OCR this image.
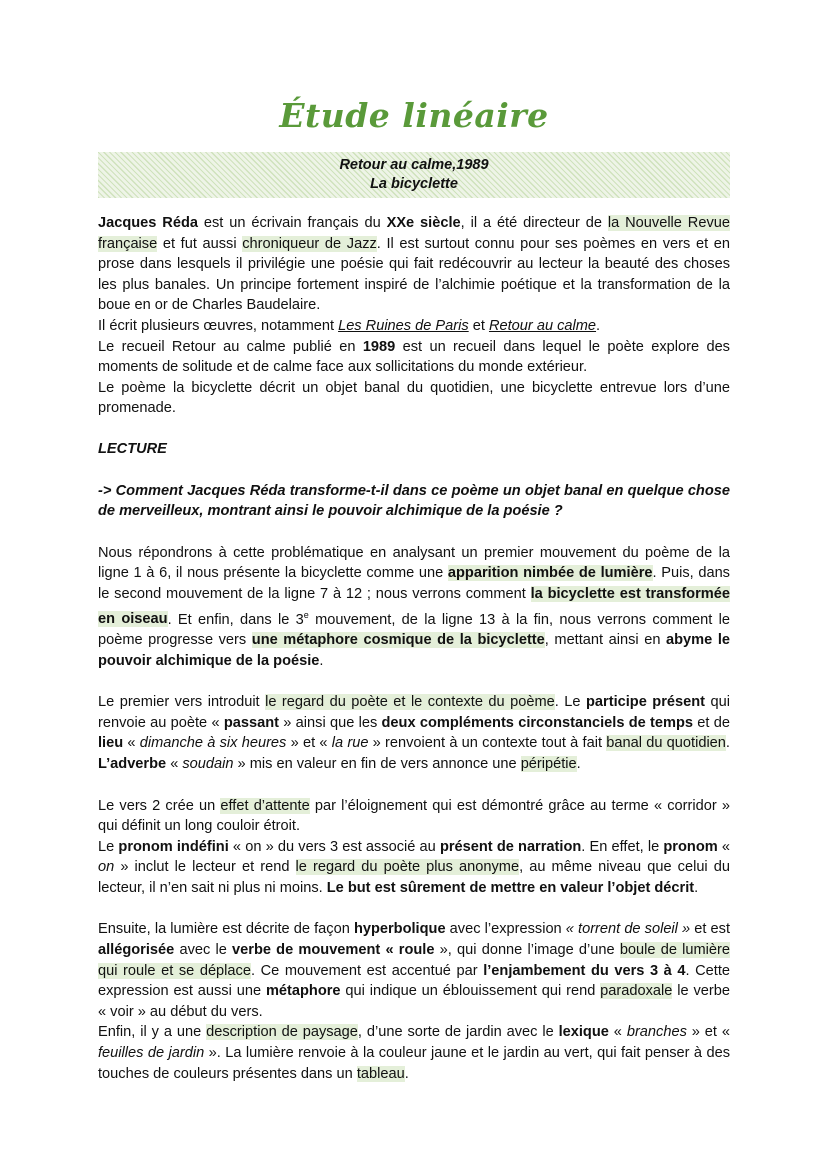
Étude linéaire
Retour au calme,1989
La bicyclette

Jacques Réda est un écrivain français du XXe siècle, il a été directeur de la Nouvelle Revue française et fut aussi chroniqueur de Jazz. Il est surtout connu pour ses poèmes en vers et en prose dans lesquels il privilégie une poésie qui fait redécouvrir au lecteur la beauté des choses les plus banales. Un principe fortement inspiré de l’alchimie poétique et la transformation de la boue en or de Charles Baudelaire.

Il écrit plusieurs œuvres, notamment Les Ruines de Paris et Retour au calme.

Le recueil Retour au calme publié en 1989 est un recueil dans lequel le poète explore des moments de solitude et de calme face aux sollicitations du monde extérieur.

Le poème la bicyclette décrit un objet banal du quotidien, une bicyclette entrevue lors d’une promenade.

LECTURE

-> Comment Jacques Réda transforme-t-il dans ce poème un objet banal en quelque chose de merveilleux, montrant ainsi le pouvoir alchimique de la poésie ?

Nous répondrons à cette problématique en analysant un premier mouvement du poème de la ligne 1 à 6, il nous présente la bicyclette comme une apparition nimbée de lumière. Puis, dans le second mouvement de la ligne 7 à 12 ; nous verrons comment la bicyclette est transformée en oiseau. Et enfin, dans le 3e mouvement, de la ligne 13 à la fin, nous verrons comment le poème progresse vers une métaphore cosmique de la bicyclette, mettant ainsi en abyme le pouvoir alchimique de la poésie.

Le premier vers introduit le regard du poète et le contexte du poème. Le participe présent qui renvoie au poète « passant » ainsi que les deux compléments circonstanciels de temps et de lieu « dimanche à six heures » et « la rue » renvoient à un contexte tout à fait banal du quotidien. L’adverbe « soudain » mis en valeur en fin de vers annonce une péripétie.

Le vers 2 crée un effet d’attente par l’éloignement qui est démontré grâce au terme « corridor » qui définit un long couloir étroit.

Le pronom indéfini « on » du vers 3 est associé au présent de narration. En effet, le pronom « on » inclut le lecteur et rend le regard du poète plus anonyme, au même niveau que celui du lecteur, il n’en sait ni plus ni moins. Le but est sûrement de mettre en valeur l’objet décrit.

Ensuite, la lumière est décrite de façon hyperbolique avec l’expression « torrent de soleil » et est allégorisée avec le verbe de mouvement « roule », qui donne l’image d’une boule de lumière qui roule et se déplace. Ce mouvement est accentué par l’enjambement du vers 3 à 4. Cette expression est aussi une métaphore qui indique un éblouissement qui rend paradoxale le verbe « voir » au début du vers.

Enfin, il y a une description de paysage, d’une sorte de jardin avec le lexique « branches » et « feuilles de jardin ». La lumière renvoie à la couleur jaune et le jardin au vert, qui fait penser à des touches de couleurs présentes dans un tableau.
